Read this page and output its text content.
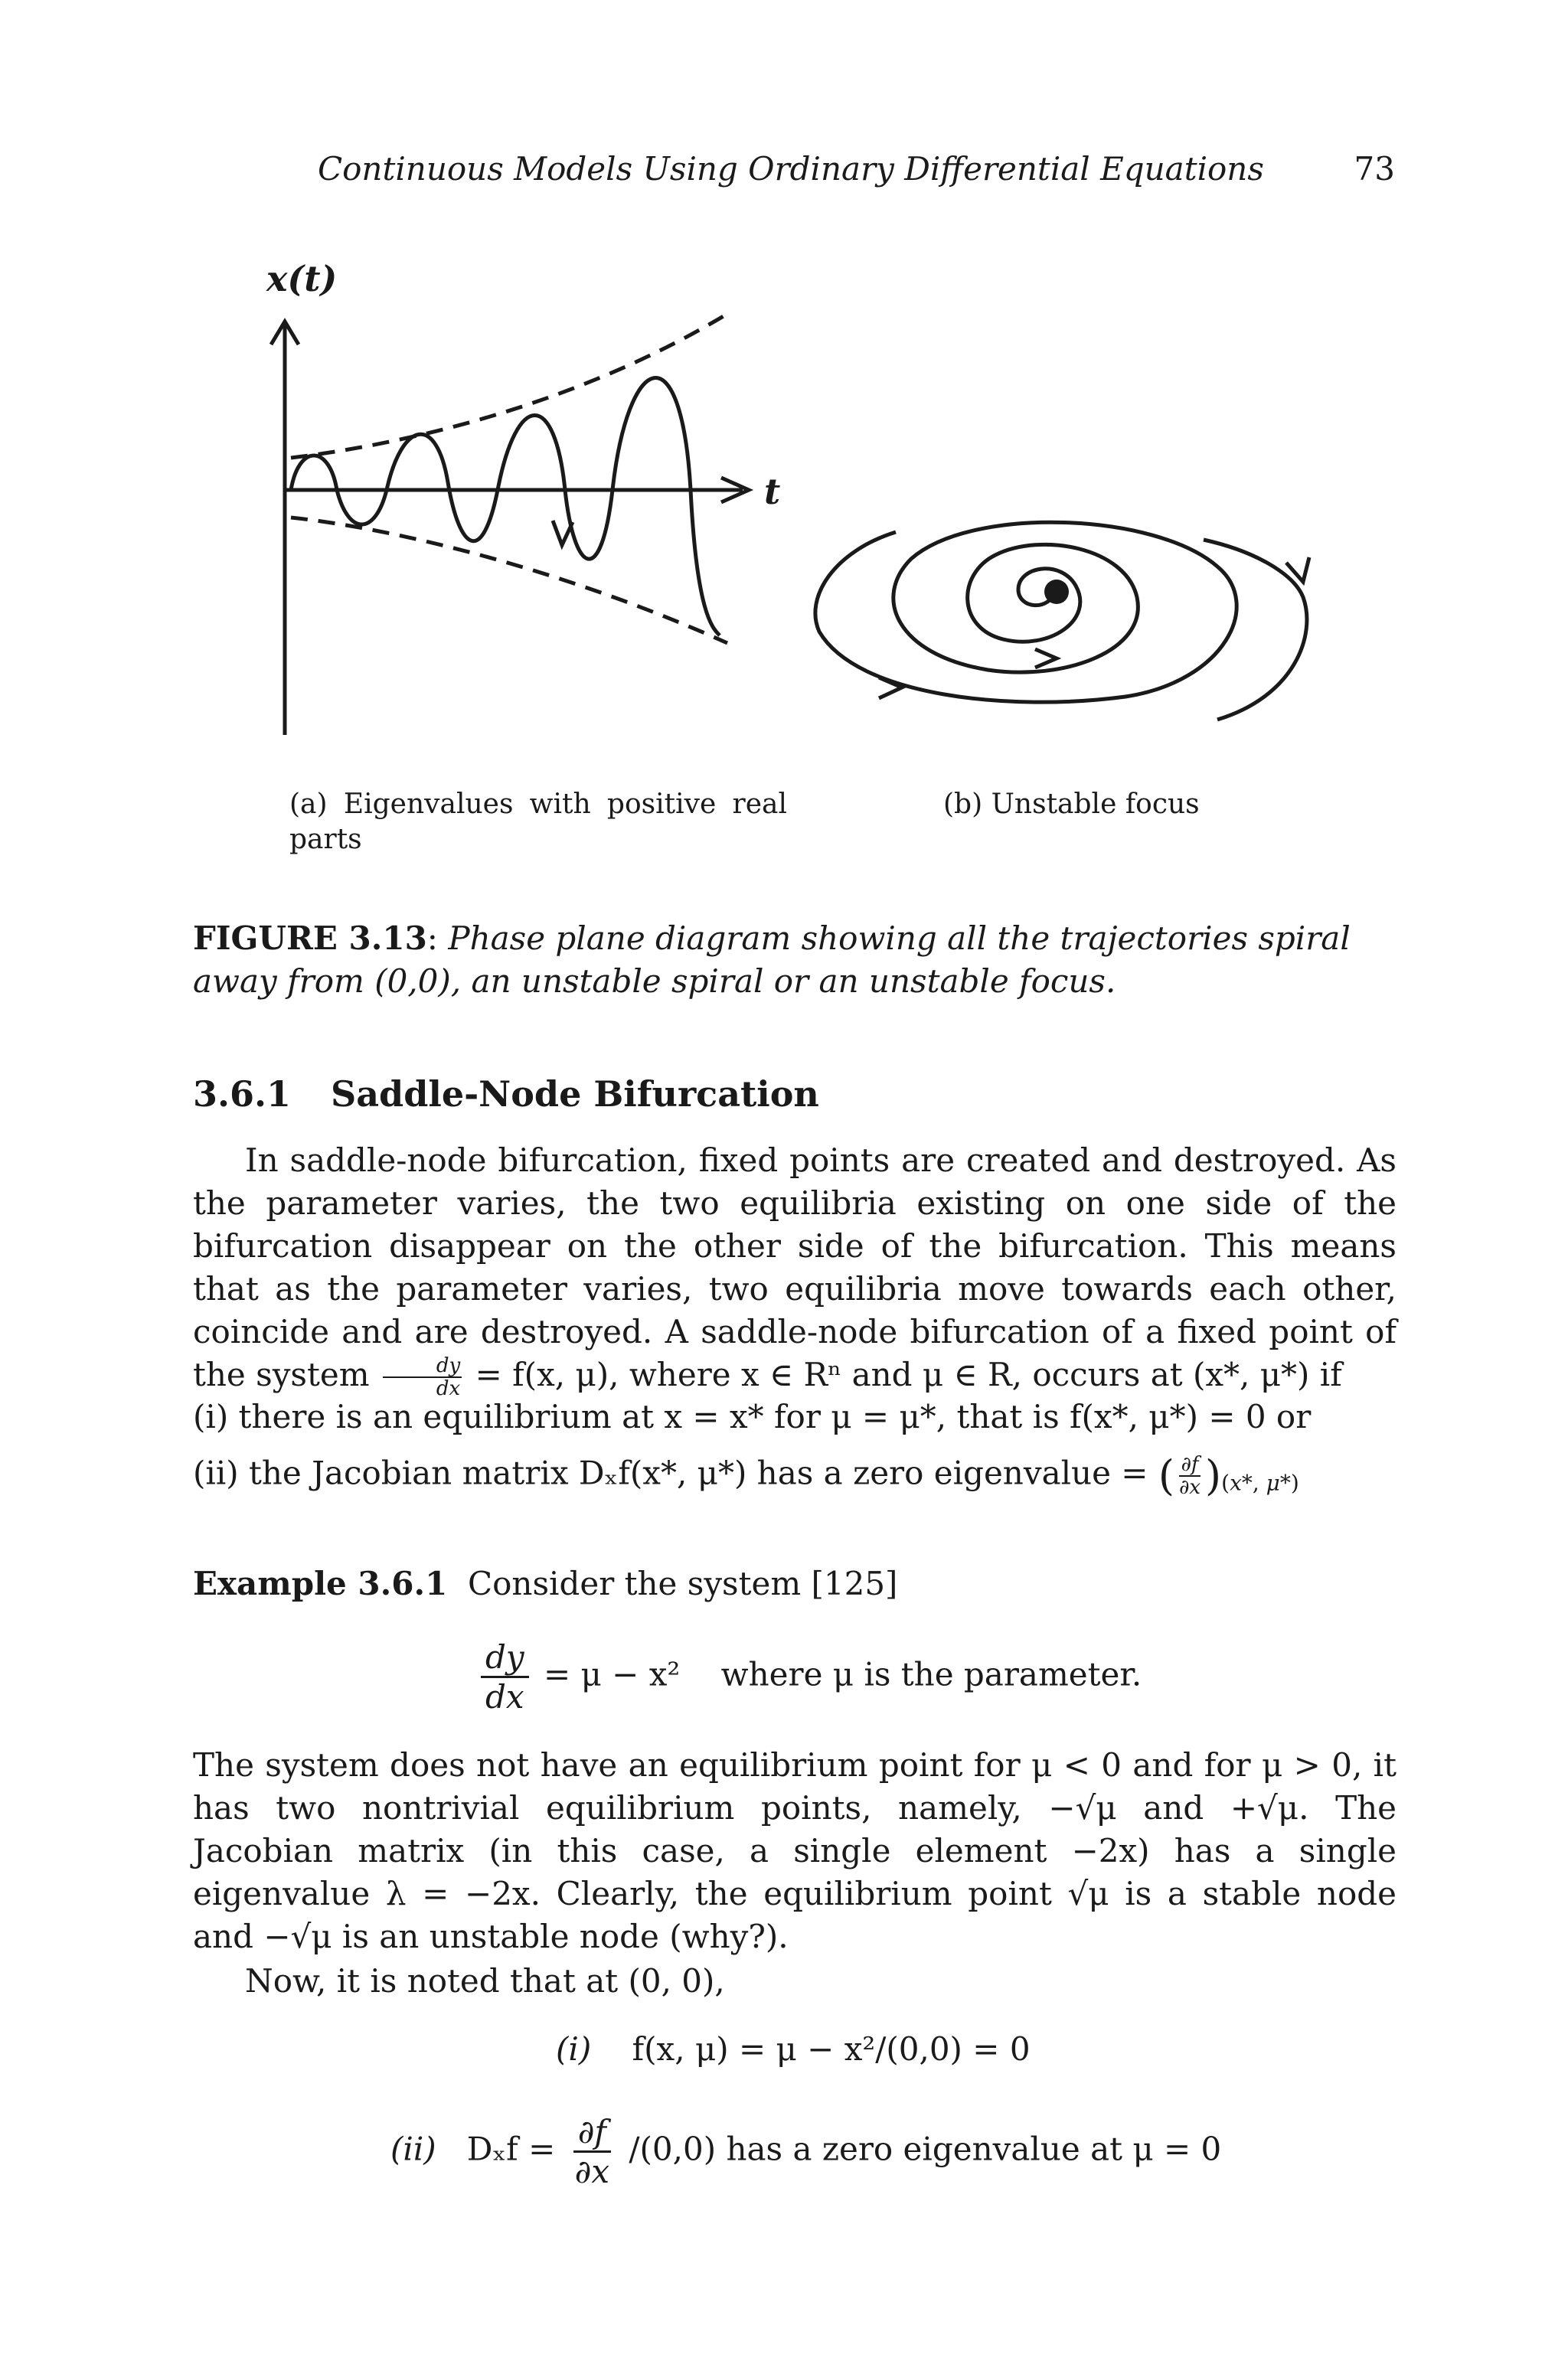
Continuous Models Using Ordinary Differential Equations	73
x(t)
t
(a) Eigenvalues with positive real parts
(b) Unstable focus
FIGURE 3.13: Phase plane diagram showing all the trajectories spiral away from (0,0), an unstable spiral or an unstable focus.
3.6.1 Saddle-Node Bifurcation
In saddle-node bifurcation, fixed points are created and destroyed. As the parameter varies, the two equilibria existing on one side of the bifurcation disappear on the other side of the bifurcation. This means that as the parameter varies, two equilibria move towards each other, coincide and are destroyed. A saddle-node bifurcation of a fixed point of the system $\frac{dy}{dx} = f(x$, μ), where x ∈ Rⁿ and μ ∈ R, occurs at (x*, μ*) if
(i) there is an equilibrium at x = x* for μ = μ*, that is f(x*, μ*) = 0 or
(ii) the Jacobian matrix Dₓf(x*, μ*) has a zero eigenvalue = ( $\frac{\partial f}{\partial x} )_{(x*, \mu*)}$
Example 3.6.1 Consider the system [125]
$\frac{dy}{dx} = \mu - x^2$ where μ is the parameter.
The system does not have an equilibrium point for μ < 0 and for μ > 0, it has two nontrivial equilibrium points, namely, −√μ and +√μ. The Jacobian matrix (in this case, a single element −2x) has a single eigenvalue λ = −2x. Clearly, the equilibrium point √μ is a stable node and −√μ is an unstable node (why?).
Now, it is noted that at (0, 0),
(i) f(x, μ) = μ − x²/(0,0) = 0
(ii) $D_xf = \frac{\partial f}{\partial x} /(0,0)$ has a zero eigenvalue at μ = 0
